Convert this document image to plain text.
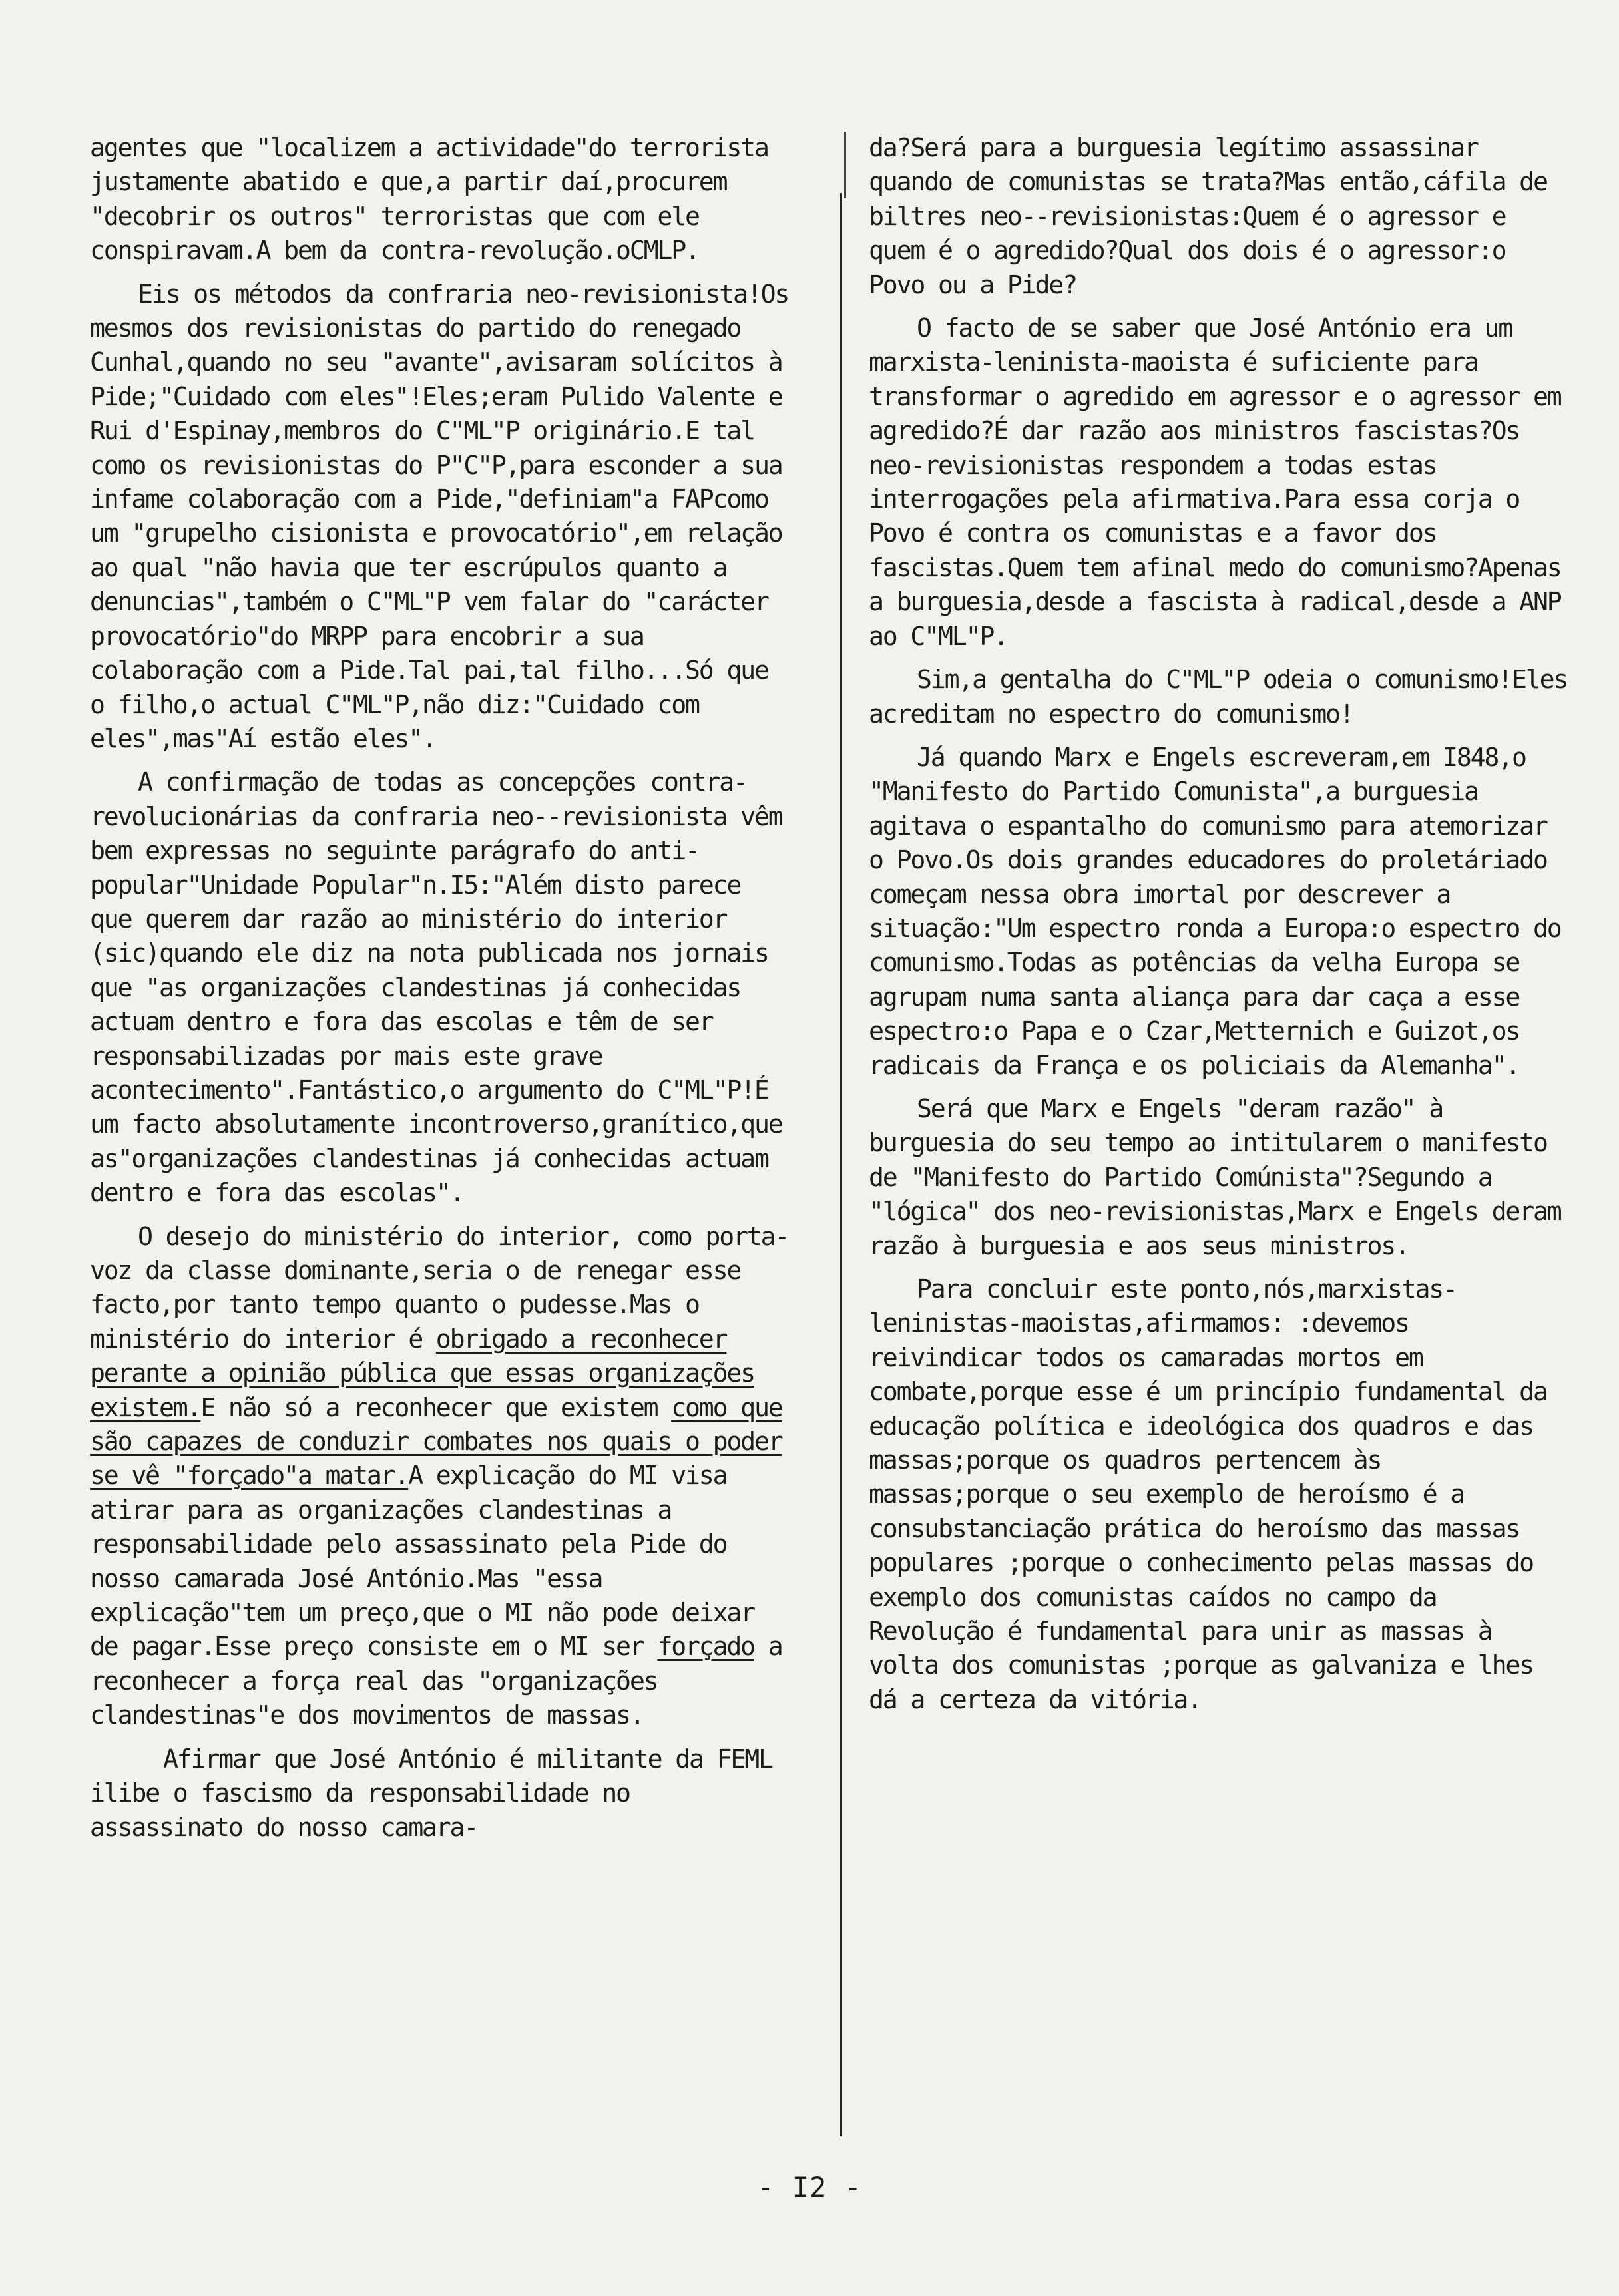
agentes que "localizem a actividade"do terrorista justamente abatido e que,a partir daí,procurem "decobrir os outros" terroristas que com ele conspiravam.A bem da contra-revolução.oCMLP.

Eis os métodos da confraria neo-revisionista!Os mesmos dos revisionistas do partido do renegado Cunhal,quando no seu "avante",avisaram solícitos à Pide;"Cuidado com eles"!Eles;eram Pulido Valente e Rui d'Espinay,membros do C"ML"P originário.E tal como os revisionistas do P"C"P,para esconder a sua infame colaboração com a Pide,"definiam"a FAPcomo um "grupelho cisionista e provocatório",em relação ao qual "não havia que ter escrúpulos quanto a denuncias",também o C"ML"P vem falar do "carácter provocatório"do MRPP para encobrir a sua colaboração com a Pide.Tal pai,tal filho...Só que o filho,o actual C"ML"P,não diz:"Cuidado com eles",mas"Aí estão eles".

A confirmação de todas as concepções contra-revolucionárias da confraria neo--revisionista vêm bem expressas no seguinte parágrafo do anti-popular"Unidade Popular"n.I5:"Além disto parece que querem dar razão ao ministério do interior (sic)quando ele diz na nota publicada nos jornais que "as organizações clandestinas já conhecidas actuam dentro e fora das escolas e têm de ser responsabilizadas por mais este grave acontecimento".Fantástico,o argumento do C"ML"P!É um facto absolutamente incontroverso,granítico,que as"organizações clandestinas já conhecidas actuam dentro e fora das escolas".

O desejo do ministério do interior, como porta-voz da classe dominante,seria o de renegar esse facto,por tanto tempo quanto o pudesse.Mas o ministério do interior é obrigado a reconhecer perante a opinião pública que essas organizações existem.E não só a reconhecer que existem como que são capazes de conduzir combates nos quais o poder se vê "forçado"a matar.A explicação do MI visa atirar para as organizações clandestinas a responsabilidade pelo assassinato pela Pide do nosso camarada José António.Mas "essa explicação"tem um preço,que o MI não pode deixar de pagar.Esse preço consiste em o MI ser forçado a reconhecer a força real das "organizações clandestinas"e dos movimentos de massas.

Afirmar que José António é militante da FEML ilibe o fascismo da responsabilidade no assassinato do nosso camara-

da?Será para a burguesia legítimo assassinar quando de comunistas se trata?Mas então,cáfila de biltres neo--revisionistas:Quem é o agressor e quem é o agredido?Qual dos dois é o agressor:o Povo ou a Pide?

O facto de se saber que José António era um marxista-leninista-maoista é suficiente para transformar o agredido em agressor e o agressor em agredido?É dar razão aos ministros fascistas?Os neo-revisionistas respondem a todas estas interrogações pela afirmativa.Para essa corja o Povo é contra os comunistas e a favor dos fascistas.Quem tem afinal medo do comunismo?Apenas a burguesia,desde a fascista à radical,desde a ANP ao C"ML"P.

Sim,a gentalha do C"ML"P odeia o comunismo!Eles acreditam no espectro do comunismo!

Já quando Marx e Engels escreveram,em I848,o "Manifesto do Partido Comunista",a burguesia agitava o espantalho do comunismo para atemorizar o Povo.Os dois grandes educadores do proletáriado começam nessa obra imortal por descrever a situação:"Um espectro ronda a Europa:o espectro do comunismo.Todas as potências da velha Europa se agrupam numa santa aliança para dar caça a esse espectro:o Papa e o Czar,Metternich e Guizot,os radicais da França e os policiais da Alemanha".

Será que Marx e Engels "deram razão" à burguesia do seu tempo ao intitularem o manifesto de "Manifesto do Partido Comúnista"?Segundo a "lógica" dos neo-revisionistas,Marx e Engels deram razão à burguesia e aos seus ministros.

Para concluir este ponto,nós,marxistas-leninistas-maoistas,afirmamos: :devemos reivindicar todos os camaradas mortos em combate,porque esse é um princípio fundamental da educação política e ideológica dos quadros e das massas;porque os quadros pertencem às massas;porque o seu exemplo de heroísmo é a consubstanciação prática do heroísmo das massas populares ;porque o conhecimento pelas massas do exemplo dos comunistas caídos no campo da Revolução é fundamental para unir as massas à volta dos comunistas ;porque as galvaniza e lhes dá a certeza da vitória.

- I2 -
